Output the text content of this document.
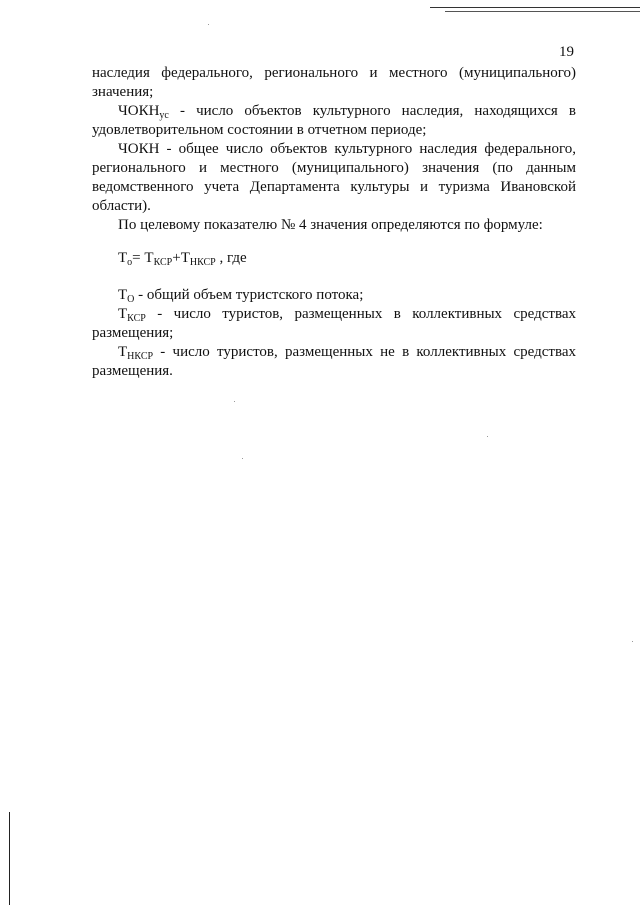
19

наследия федерального, регионального и местного (муниципального) значения;

$ЧОКН_{ус}$ - число объектов культурного наследия, находящихся в удовлетворительном состоянии в отчетном периоде;

ЧОКН - общее число объектов культурного наследия федерального, регионального и местного (муниципального) значения (по данным ведомственного учета Департамента культуры и туризма Ивановской области).

По целевому показателю № 4 значения определяются по формуле:

$Т_о= Т_{КСР}+Т_{НКСР}$ , где

$Т_О$ - общий объем туристского потока;

$Т_{КСР}$ - число туристов, размещенных в коллективных средствах размещения;

$Т_{НКСР}$ - число туристов, размещенных не в коллективных средствах размещения.
